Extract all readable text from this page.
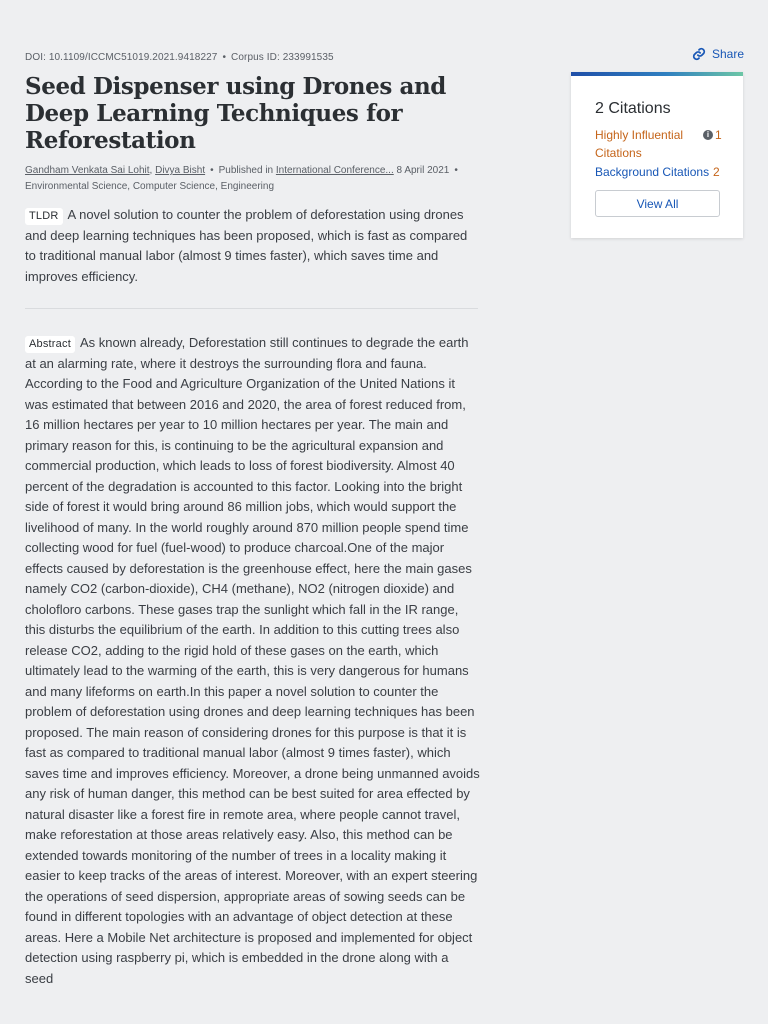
DOI: 10.1109/ICCMC51019.2021.9418227 • Corpus ID: 233991535	Share
Seed Dispenser using Drones and Deep Learning Techniques for Reforestation
Gandham Venkata Sai Lohit, Divya Bisht • Published in International Conference... 8 April 2021 •
Environmental Science, Computer Science, Engineering
TLDR A novel solution to counter the problem of deforestation using drones and deep learning techniques has been proposed, which is fast as compared to traditional manual labor (almost 9 times faster), which saves time and improves efficiency.
Abstract As known already, Deforestation still continues to degrade the earth at an alarming rate, where it destroys the surrounding flora and fauna. According to the Food and Agriculture Organization of the United Nations it was estimated that between 2016 and 2020, the area of forest reduced from, 16 million hectares per year to 10 million hectares per year. The main and primary reason for this, is continuing to be the agricultural expansion and commercial production, which leads to loss of forest biodiversity. Almost 40 percent of the degradation is accounted to this factor. Looking into the bright side of forest it would bring around 86 million jobs, which would support the livelihood of many. In the world roughly around 870 million people spend time collecting wood for fuel (fuel-wood) to produce charcoal.One of the major effects caused by deforestation is the greenhouse effect, here the main gases namely CO2 (carbon-dioxide), CH4 (methane), NO2 (nitrogen dioxide) and cholofloro carbons. These gases trap the sunlight which fall in the IR range, this disturbs the equilibrium of the earth. In addition to this cutting trees also release CO2, adding to the rigid hold of these gases on the earth, which ultimately lead to the warming of the earth, this is very dangerous for humans and many lifeforms on earth.In this paper a novel solution to counter the problem of deforestation using drones and deep learning techniques has been proposed. The main reason of considering drones for this purpose is that it is fast as compared to traditional manual labor (almost 9 times faster), which saves time and improves efficiency. Moreover, a drone being unmanned avoids any risk of human danger, this method can be best suited for area effected by natural disaster like a forest fire in remote area, where people cannot travel, make reforestation at those areas relatively easy. Also, this method can be extended towards monitoring of the number of trees in a locality making it easier to keep tracks of the areas of interest. Moreover, with an expert steering the operations of seed dispersion, appropriate areas of sowing seeds can be found in different topologies with an advantage of object detection at these areas. Here a Mobile Net architecture is proposed and implemented for object detection using raspberry pi, which is embedded in the drone along with a seed
2 Citations
Highly Influential Citations
i 1
Background Citations 2
View All
